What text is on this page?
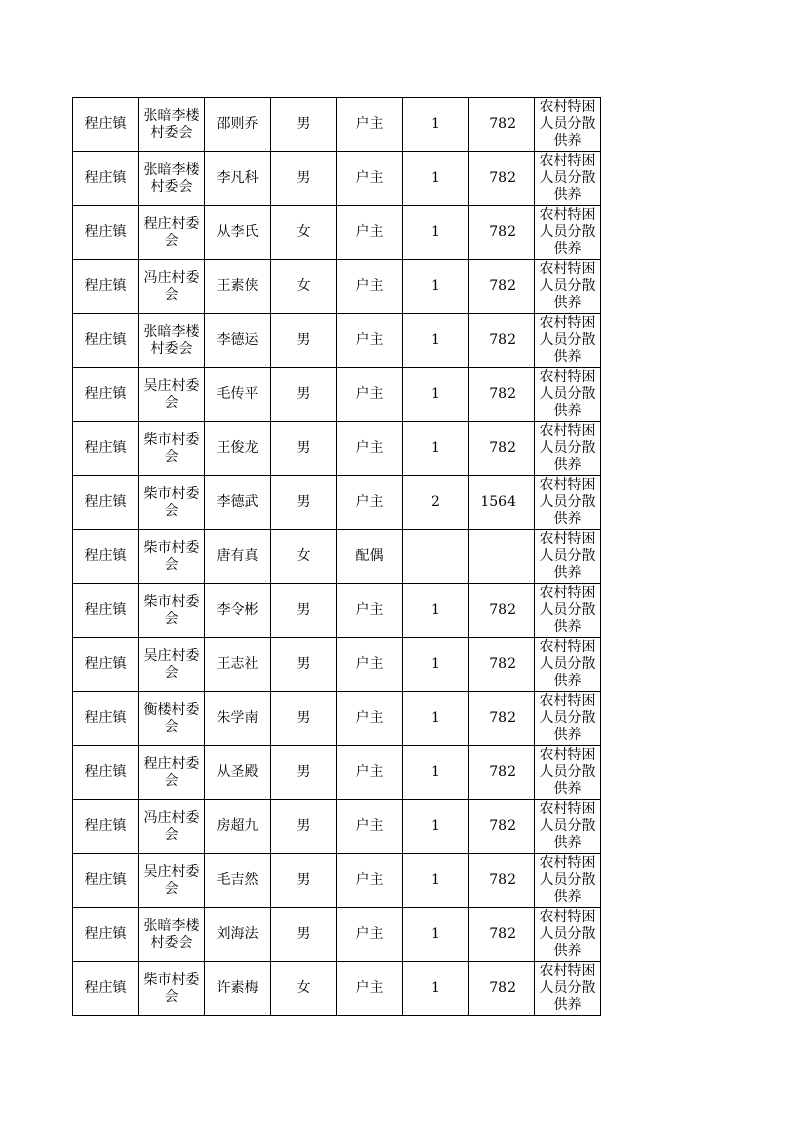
程庄镇	张暗李楼村委会	邵则乔	男	户主	1	782	农村特困人员分散供养
程庄镇	张暗李楼村委会	李凡科	男	户主	1	782	农村特困人员分散供养
程庄镇	程庄村委会	从李氏	女	户主	1	782	农村特困人员分散供养
程庄镇	冯庄村委会	王素侠	女	户主	1	782	农村特困人员分散供养
程庄镇	张暗李楼村委会	李德运	男	户主	1	782	农村特困人员分散供养
程庄镇	吴庄村委会	毛传平	男	户主	1	782	农村特困人员分散供养
程庄镇	柴市村委会	王俊龙	男	户主	1	782	农村特困人员分散供养
程庄镇	柴市村委会	李德武	男	户主	2	1564	农村特困人员分散供养
程庄镇	柴市村委会	唐有真	女	配偶			农村特困人员分散供养
程庄镇	柴市村委会	李令彬	男	户主	1	782	农村特困人员分散供养
程庄镇	吴庄村委会	王志社	男	户主	1	782	农村特困人员分散供养
程庄镇	衡楼村委会	朱学南	男	户主	1	782	农村特困人员分散供养
程庄镇	程庄村委会	从圣殿	男	户主	1	782	农村特困人员分散供养
程庄镇	冯庄村委会	房超九	男	户主	1	782	农村特困人员分散供养
程庄镇	吴庄村委会	毛吉然	男	户主	1	782	农村特困人员分散供养
程庄镇	张暗李楼村委会	刘海法	男	户主	1	782	农村特困人员分散供养
程庄镇	柴市村委会	许素梅	女	户主	1	782	农村特困人员分散供养
